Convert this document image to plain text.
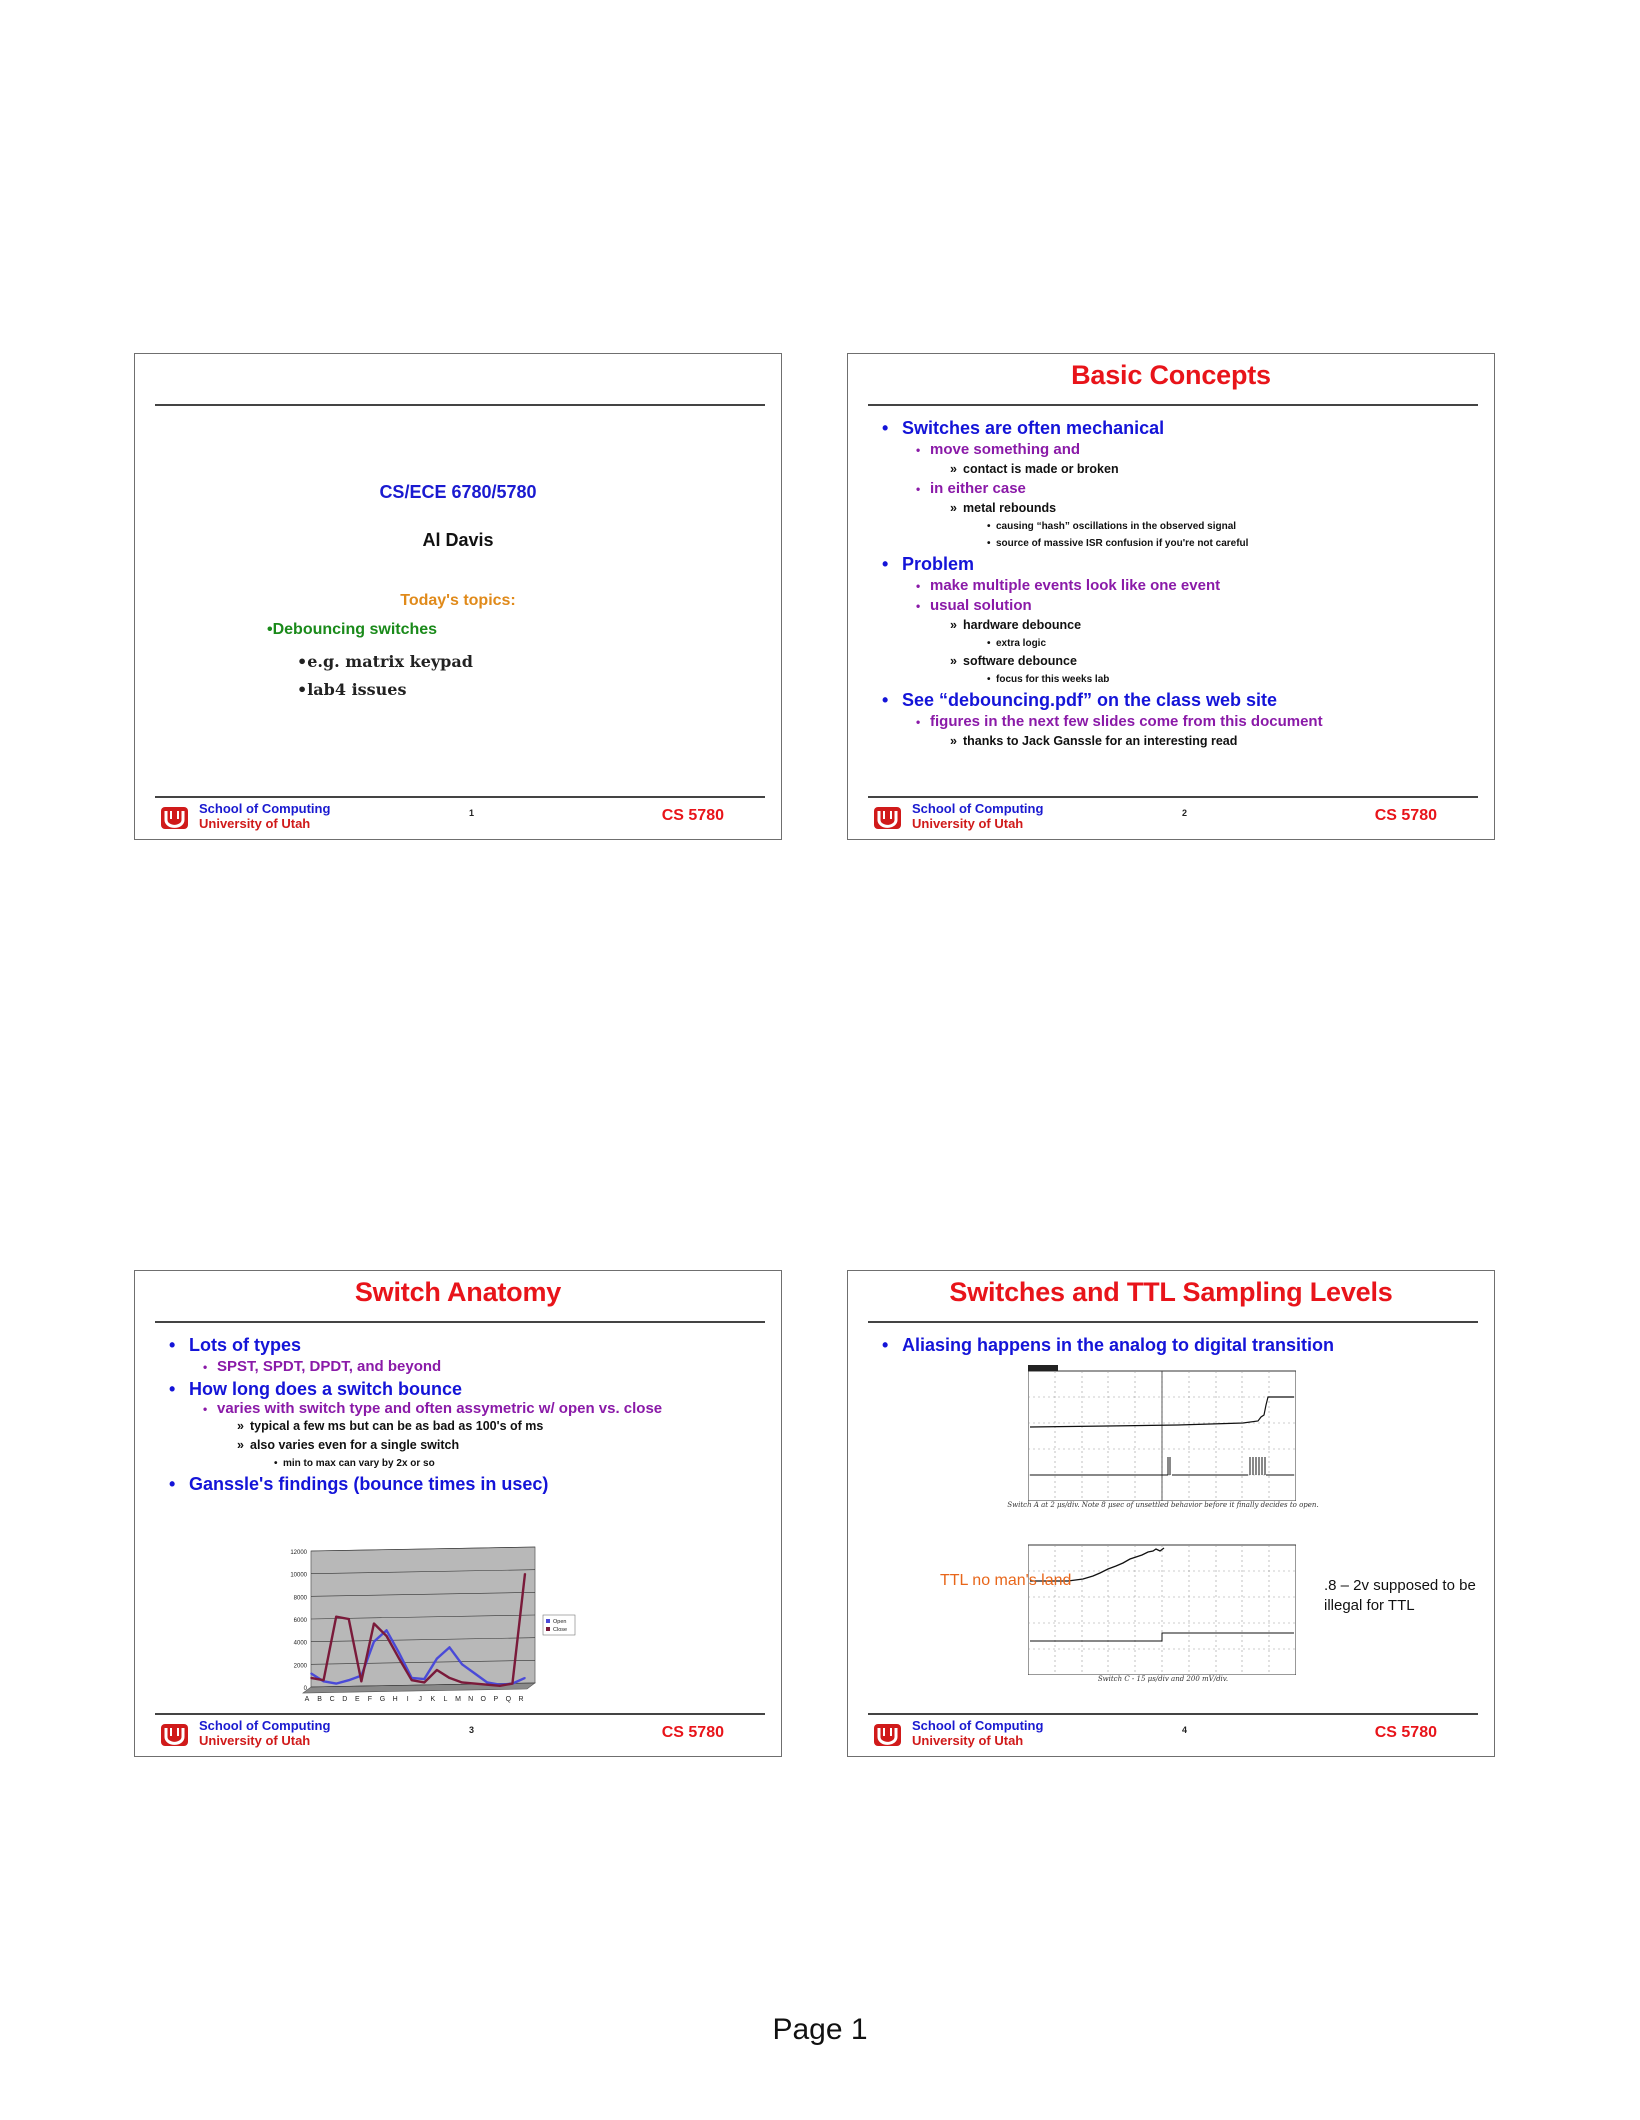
CS/ECE 6780/5780
Al Davis
Today's topics:
•Debouncing switches
•e.g. matrix keypad
•lab4 issues
School of Computing
University of Utah
1	CS 5780
Basic Concepts
• Switches are often mechanical
• move something and
» contact is made or broken
• in either case
» metal rebounds
• causing “hash” oscillations in the observed signal
• source of massive ISR confusion if you're not careful
• Problem
• make multiple events look like one event
• usual solution
» hardware debounce
• extra logic
» software debounce
• focus for this weeks lab
• See “debouncing.pdf” on the class web site
• figures in the next few slides come from this document
» thanks to Jack Ganssle for an interesting read
School of Computing
University of Utah
2	CS 5780
Switch Anatomy
• Lots of types
• SPST, SPDT, DPDT, and beyond
• How long does a switch bounce
• varies with switch type and often assymetric w/ open vs. close
» typical a few ms but can be as bad as 100's of ms
» also varies even for a single switch
• min to max can vary by 2x or so
• Ganssle's findings (bounce times in usec)
0
2000
4000
6000
8000
10000
12000
A B C D E F G H I J K L M N O P Q R
Open
Close
School of Computing
University of Utah
3	CS 5780
Switches and TTL Sampling Levels
• Aliasing happens in the analog to digital transition
Switch A at 2 μs/div. Note 8 μsec of unsettled behavior before it finally decides to open.
Switch C - 15 μs/div and 200 mV/div.
TTL no man's land	.8 – 2v supposed to be illegal for TTL
School of Computing
University of Utah
4	CS 5780
Page 1
